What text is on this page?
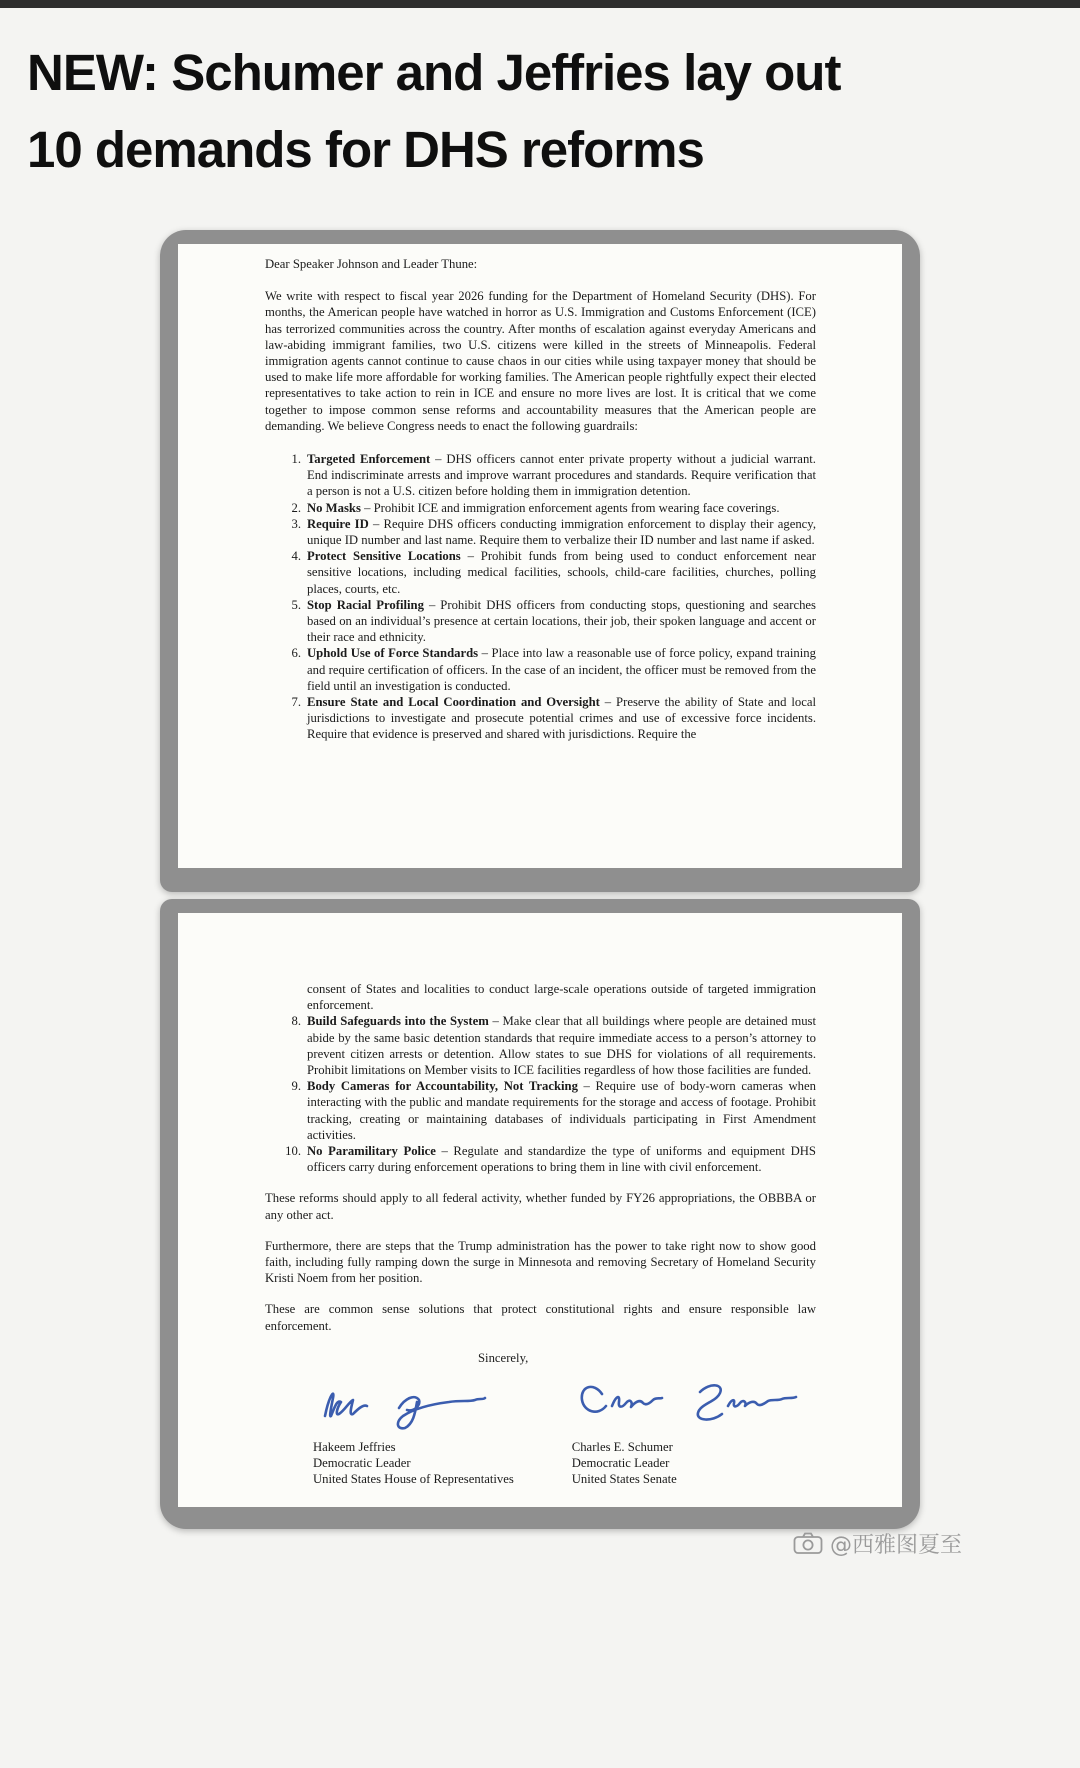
NEW: Schumer and Jeffries lay out
10 demands for DHS reforms

Dear Speaker Johnson and Leader Thune:

We write with respect to fiscal year 2026 funding for the Department of Homeland Security (DHS). For months, the American people have watched in horror as U.S. Immigration and Customs Enforcement (ICE) has terrorized communities across the country. After months of escalation against everyday Americans and law-abiding immigrant families, two U.S. citizens were killed in the streets of Minneapolis. Federal immigration agents cannot continue to cause chaos in our cities while using taxpayer money that should be used to make life more affordable for working families. The American people rightfully expect their elected representatives to take action to rein in ICE and ensure no more lives are lost. It is critical that we come together to impose common sense reforms and accountability measures that the American people are demanding. We believe Congress needs to enact the following guardrails:

1. Targeted Enforcement – DHS officers cannot enter private property without a judicial warrant. End indiscriminate arrests and improve warrant procedures and standards. Require verification that a person is not a U.S. citizen before holding them in immigration detention.

2. No Masks – Prohibit ICE and immigration enforcement agents from wearing face coverings.

3. Require ID – Require DHS officers conducting immigration enforcement to display their agency, unique ID number and last name. Require them to verbalize their ID number and last name if asked.

4. Protect Sensitive Locations – Prohibit funds from being used to conduct enforcement near sensitive locations, including medical facilities, schools, child-care facilities, churches, polling places, courts, etc.

5. Stop Racial Profiling – Prohibit DHS officers from conducting stops, questioning and searches based on an individual’s presence at certain locations, their job, their spoken language and accent or their race and ethnicity.

6. Uphold Use of Force Standards – Place into law a reasonable use of force policy, expand training and require certification of officers. In the case of an incident, the officer must be removed from the field until an investigation is conducted.

7. Ensure State and Local Coordination and Oversight – Preserve the ability of State and local jurisdictions to investigate and prosecute potential crimes and use of excessive force incidents. Require that evidence is preserved and shared with jurisdictions. Require the

consent of States and localities to conduct large-scale operations outside of targeted immigration enforcement.

8. Build Safeguards into the System – Make clear that all buildings where people are detained must abide by the same basic detention standards that require immediate access to a person’s attorney to prevent citizen arrests or detention. Allow states to sue DHS for violations of all requirements. Prohibit limitations on Member visits to ICE facilities regardless of how those facilities are funded.

9. Body Cameras for Accountability, Not Tracking – Require use of body-worn cameras when interacting with the public and mandate requirements for the storage and access of footage. Prohibit tracking, creating or maintaining databases of individuals participating in First Amendment activities.

10. No Paramilitary Police – Regulate and standardize the type of uniforms and equipment DHS officers carry during enforcement operations to bring them in line with civil enforcement.

These reforms should apply to all federal activity, whether funded by FY26 appropriations, the OBBBA or any other act.

Furthermore, there are steps that the Trump administration has the power to take right now to show good faith, including fully ramping down the surge in Minnesota and removing Secretary of Homeland Security Kristi Noem from her position.

These are common sense solutions that protect constitutional rights and ensure responsible law enforcement.

Sincerely,

Hakeem Jeffries
Democratic Leader
United States House of Representatives
Charles E. Schumer
Democratic Leader
United States Senate
@西雅图夏至
